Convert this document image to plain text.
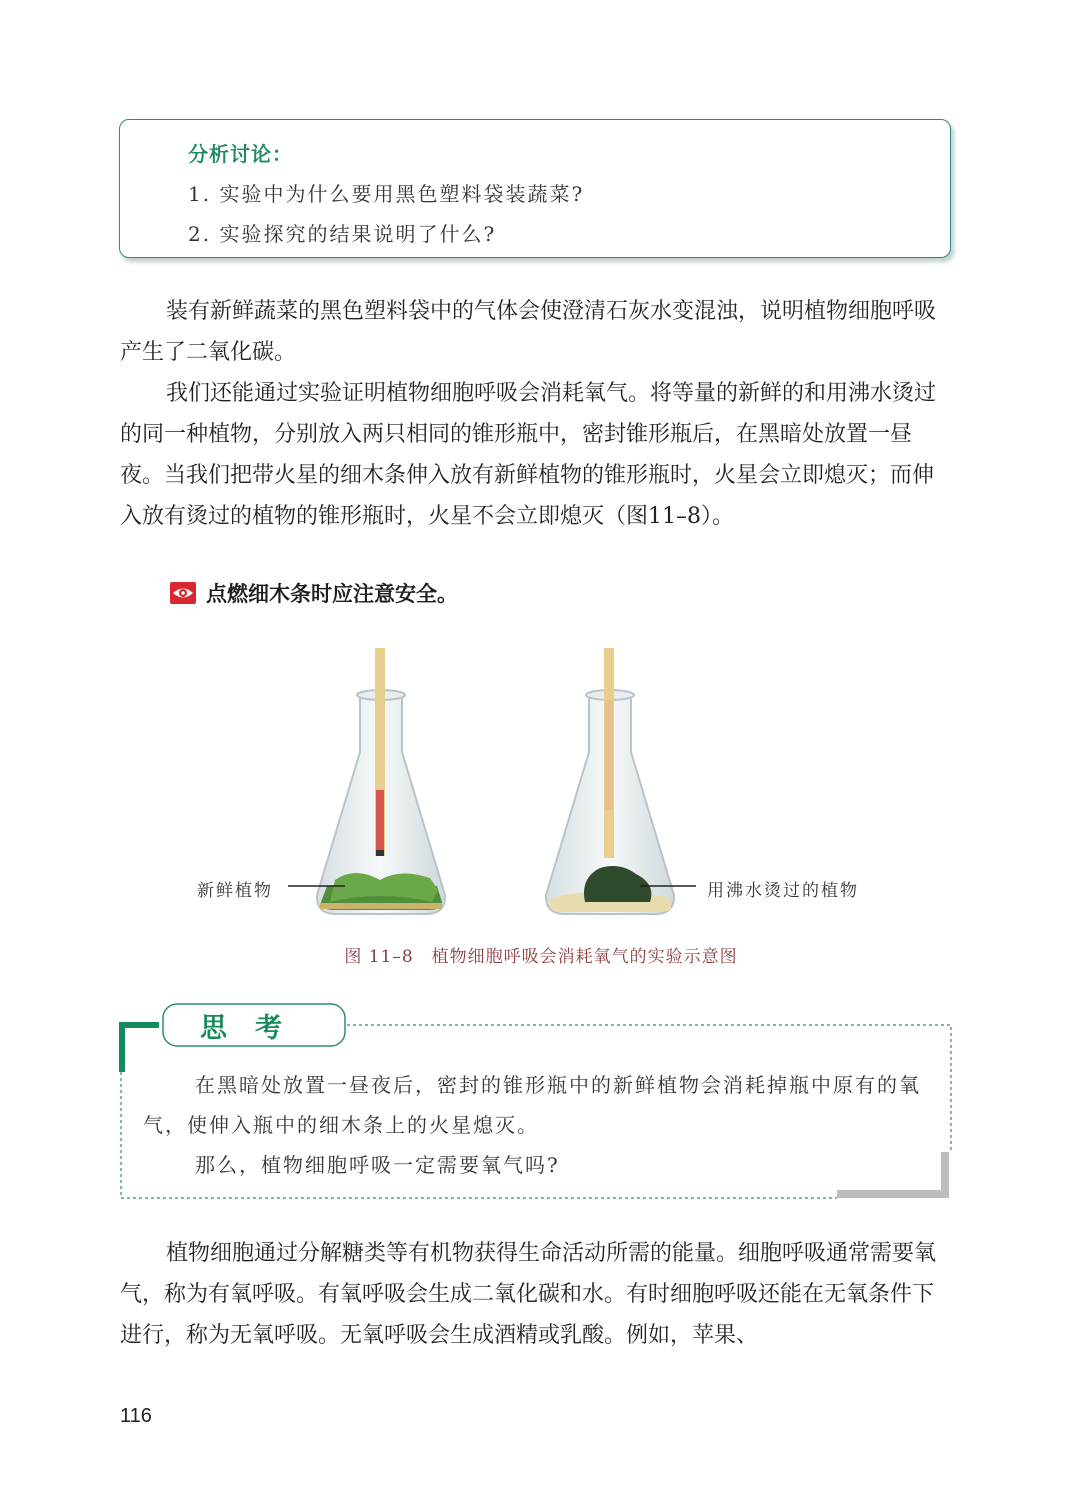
分析讨论：
1. 实验中为什么要用黑色塑料袋装蔬菜?
2. 实验探究的结果说明了什么?
装有新鲜蔬菜的黑色塑料袋中的气体会使澄清石灰水变混浊，说明植物细胞呼吸产生了二氧化碳。
我们还能通过实验证明植物细胞呼吸会消耗氧气。将等量的新鲜的和用沸水烫过的同一种植物，分别放入两只相同的锥形瓶中，密封锥形瓶后，在黑暗处放置一昼夜。当我们把带火星的细木条伸入放有新鲜植物的锥形瓶时，火星会立即熄灭；而伸入放有烫过的植物的锥形瓶时，火星不会立即熄灭（图11–8）。
点燃细木条时应注意安全。
新鲜植物	用沸水烫过的植物
图 11–8　植物细胞呼吸会消耗氧气的实验示意图
思考
在黑暗处放置一昼夜后，密封的锥形瓶中的新鲜植物会消耗掉瓶中原有的氧气，使伸入瓶中的细木条上的火星熄灭。
那么，植物细胞呼吸一定需要氧气吗?
植物细胞通过分解糖类等有机物获得生命活动所需的能量。细胞呼吸通常需要氧气，称为有氧呼吸。有氧呼吸会生成二氧化碳和水。有时细胞呼吸还能在无氧条件下进行，称为无氧呼吸。无氧呼吸会生成酒精或乳酸。例如，苹果、
116
